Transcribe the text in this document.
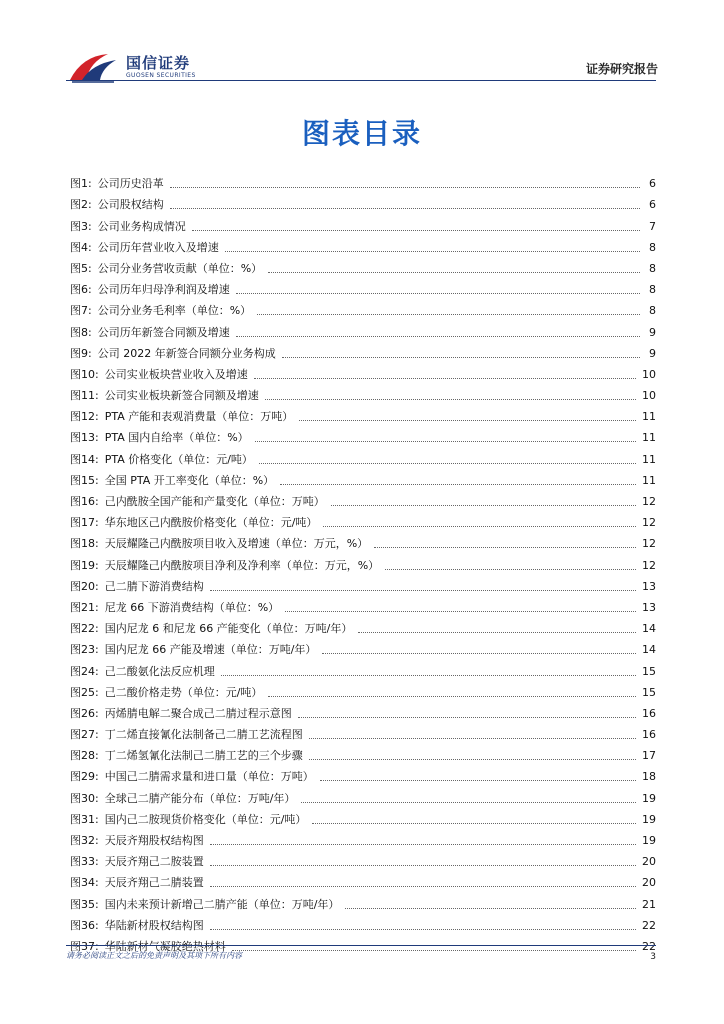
国信证券
GUOSEN SECURITIES	证券研究报告
图表目录
图1: 公司历史沿革	6
图2: 公司股权结构	6
图3: 公司业务构成情况	7
图4: 公司历年营业收入及增速	8
图5: 公司分业务营收贡献（单位：%）	8
图6: 公司历年归母净利润及增速	8
图7: 公司分业务毛利率（单位：%）	8
图8: 公司历年新签合同额及增速	9
图9: 公司 2022 年新签合同额分业务构成	9
图10: 公司实业板块营业收入及增速	10
图11: 公司实业板块新签合同额及增速	10
图12: PTA 产能和表观消费量（单位：万吨）	11
图13: PTA 国内自给率（单位：%）	11
图14: PTA 价格变化（单位：元/吨）	11
图15: 全国 PTA 开工率变化（单位：%）	11
图16: 己内酰胺全国产能和产量变化（单位：万吨）	12
图17: 华东地区己内酰胺价格变化（单位：元/吨）	12
图18: 天辰耀隆己内酰胺项目收入及增速（单位：万元，%）	12
图19: 天辰耀隆己内酰胺项目净利及净利率（单位：万元，%）	12
图20: 己二腈下游消费结构	13
图21: 尼龙 66 下游消费结构（单位：%）	13
图22: 国内尼龙 6 和尼龙 66 产能变化（单位：万吨/年）	14
图23: 国内尼龙 66 产能及增速（单位：万吨/年）	14
图24: 己二酸氨化法反应机理	15
图25: 己二酸价格走势（单位：元/吨）	15
图26: 丙烯腈电解二聚合成己二腈过程示意图	16
图27: 丁二烯直接氰化法制备己二腈工艺流程图	16
图28: 丁二烯氢氰化法制己二腈工艺的三个步骤	17
图29: 中国己二腈需求量和进口量（单位：万吨）	18
图30: 全球己二腈产能分布（单位：万吨/年）	19
图31: 国内己二胺现货价格变化（单位：元/吨）	19
图32: 天辰齐翔股权结构图	19
图33: 天辰齐翔己二胺装置	20
图34: 天辰齐翔己二腈装置	20
图35: 国内未来预计新增己二腈产能（单位：万吨/年）	21
图36: 华陆新材股权结构图	22
图37: 华陆新材气凝胶绝热材料	22
请务必阅读正文之后的免责声明及其项下所有内容	3
